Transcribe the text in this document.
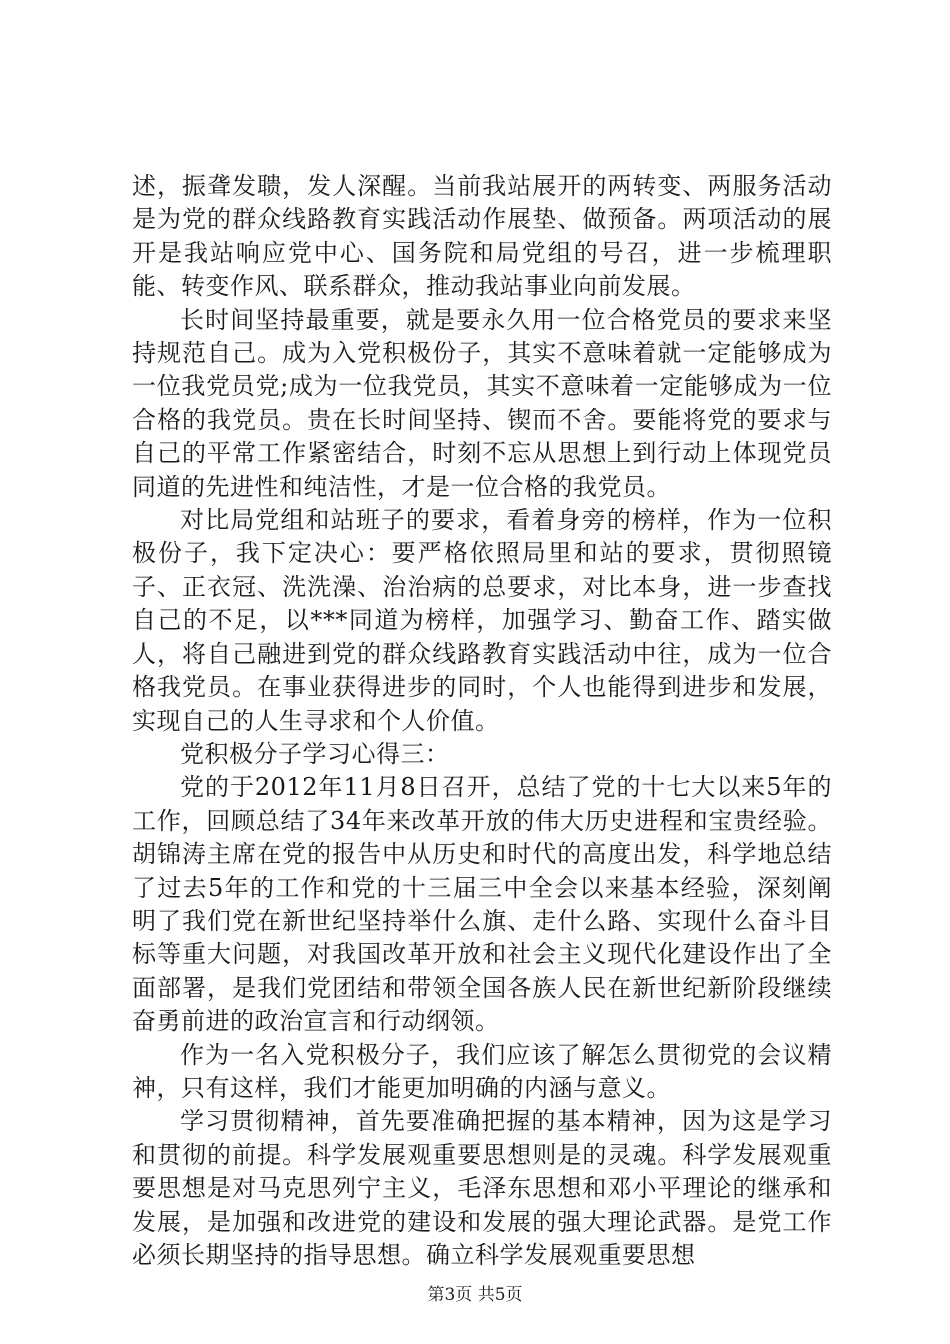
述，振聋发聩，发人深醒。当前我站展开的两转变、两服务活动是为党的群众线路教育实践活动作展垫、做预备。两项活动的展开是我站响应党中心、国务院和局党组的号召，进一步梳理职能、转变作风、联系群众，推动我站事业向前发展。

长时间坚持最重要，就是要永久用一位合格党员的要求来坚持规范自己。成为入党积极份子，其实不意味着就一定能够成为一位我党员党;成为一位我党员，其实不意味着一定能够成为一位合格的我党员。贵在长时间坚持、锲而不舍。要能将党的要求与自己的平常工作紧密结合，时刻不忘从思想上到行动上体现党员同道的先进性和纯洁性，才是一位合格的我党员。

对比局党组和站班子的要求，看着身旁的榜样，作为一位积极份子，我下定决心：要严格依照局里和站的要求，贯彻照镜子、正衣冠、洗洗澡、治治病的总要求，对比本身，进一步查找自己的不足，以***同道为榜样，加强学习、勤奋工作、踏实做人，将自己融进到党的群众线路教育实践活动中往，成为一位合格我党员。在事业获得进步的同时，个人也能得到进步和发展，实现自己的人生寻求和个人价值。

党积极分子学习心得三：

党的于2012年11月8日召开，总结了党的十七大以来5年的工作，回顾总结了34年来改革开放的伟大历史进程和宝贵经验。胡锦涛主席在党的报告中从历史和时代的高度出发，科学地总结了过去5年的工作和党的十三届三中全会以来基本经验，深刻阐明了我们党在新世纪坚持举什么旗、走什么路、实现什么奋斗目标等重大问题，对我国改革开放和社会主义现代化建设作出了全面部署，是我们党团结和带领全国各族人民在新世纪新阶段继续奋勇前进的政治宣言和行动纲领。

作为一名入党积极分子，我们应该了解怎么贯彻党的会议精神，只有这样，我们才能更加明确的内涵与意义。

学习贯彻精神，首先要准确把握的基本精神，因为这是学习和贯彻的前提。科学发展观重要思想则是的灵魂。科学发展观重要思想是对马克思列宁主义，毛泽东思想和邓小平理论的继承和发展，是加强和改进党的建设和发展的强大理论武器。是党工作必须长期坚持的指导思想。确立科学发展观重要思想

第3页 共5页
